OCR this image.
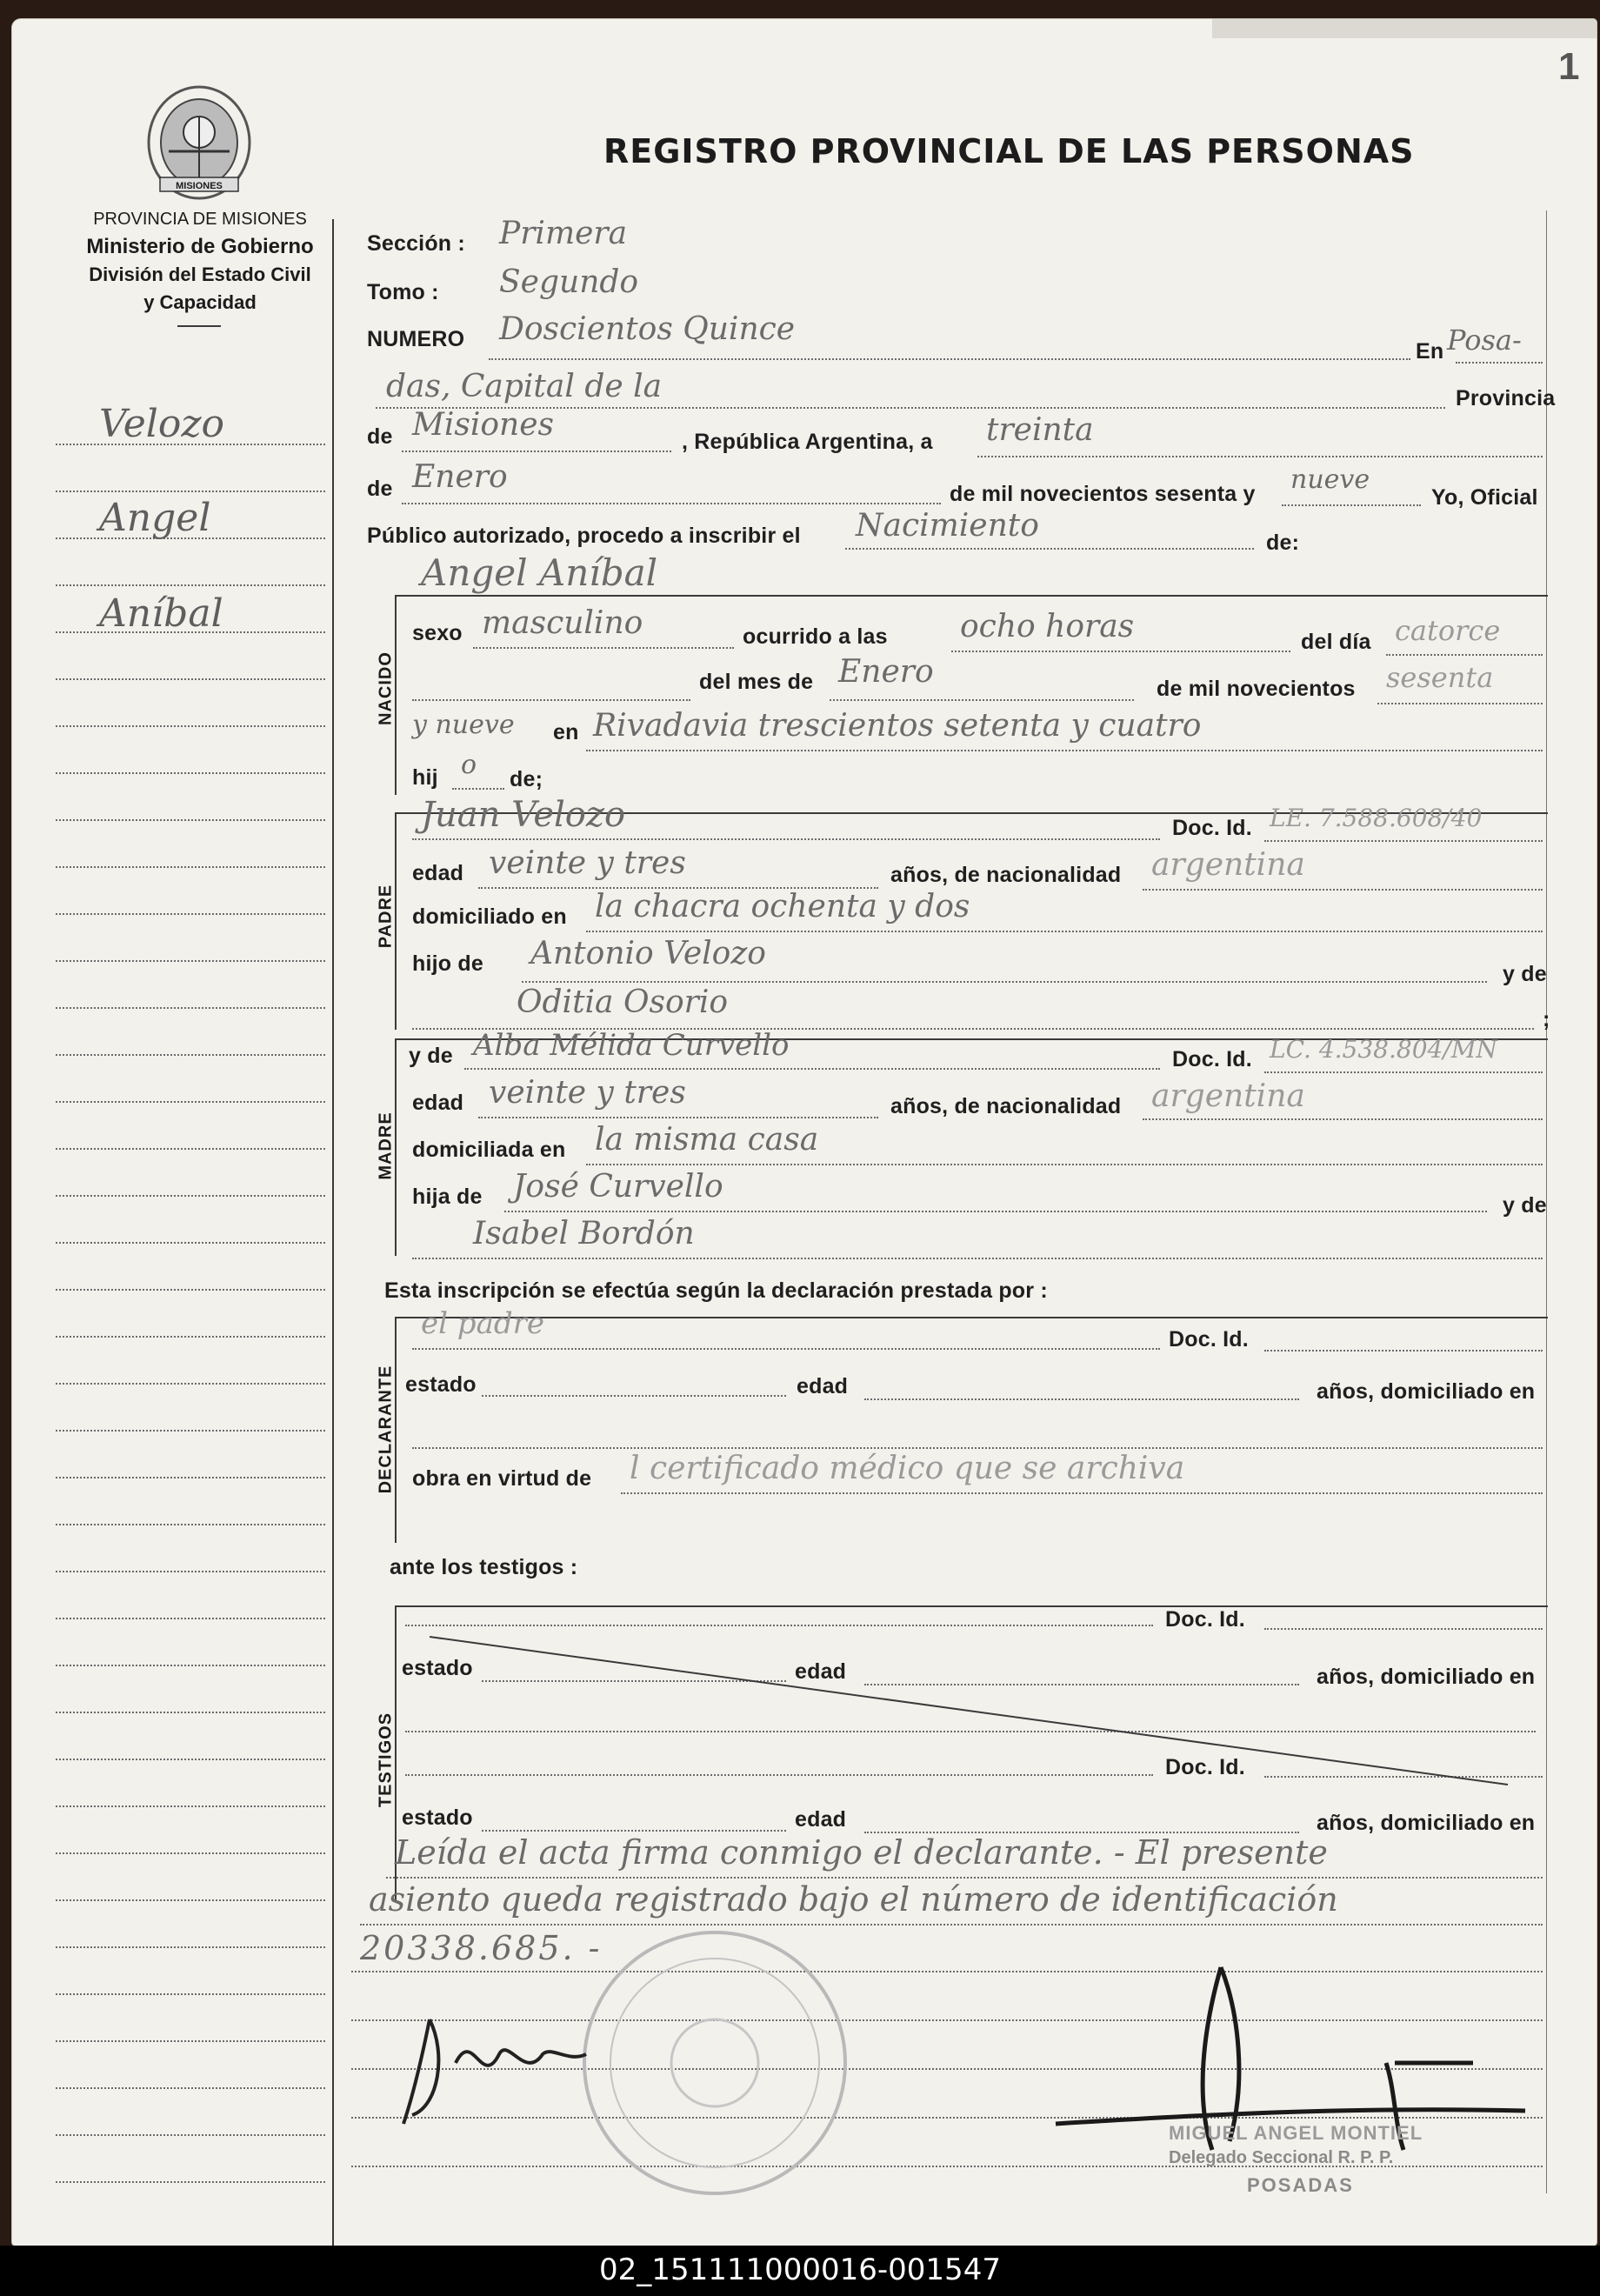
1
MISIONES
PROVINCIA DE MISIONES
Ministerio de Gobierno
División del Estado Civil
y Capacidad
REGISTRO PROVINCIAL DE LAS PERSONAS
Velozo
Angel
Aníbal
Sección : Primera
Tomo : Segundo
NUMERO Doscientos Quince
En Posa-
das, Capital de la	Provincia
de Misiones	, República Argentina, a treinta
de Enero	de mil novecientos sesenta y nueve
Yo, Oficial
Público autorizado, procedo a inscribir el Nacimiento	de:
Angel Aníbal
NACIDO
sexo masculino	ocurrido a las ocho horas	del día catorce
del mes de Enero	de mil novecientos sesenta
y nueve en Rivadavia trescientos setenta y cuatro
hij o de;
PADRE
Juan Velozo	Doc. Id. LE. 7.588.608/40
edad veinte y tres	años, de nacionalidad argentina
domiciliado en la chacra ochenta y dos
hijo de Antonio Velozo
y de
Oditia Osorio	;
MADRE
y de Alba Mélida Curvello	Doc. Id. LC. 4.538.804/MN
edad veinte y tres	años, de nacionalidad argentina
domiciliada en la misma casa
hija de José Curvello
y de
Isabel Bordón
Esta inscripción se efectúa según la declaración prestada por :
DECLARANTE
el padre	Doc. Id.
estado	edad	años, domiciliado en
obra en virtud de l certificado médico que se archiva
ante los testigos :
TESTIGOS
Doc. Id.
estado	edad	años, domiciliado en
Doc. Id.
estado	edad	años, domiciliado en
Leída el acta firma conmigo el declarante. - El presente
asiento queda registrado bajo el número de identificación
20338.685. -
MIGUEL ANGEL MONTIEL
Delegado Seccional R. P. P.
POSADAS
02_151111000016-001547
